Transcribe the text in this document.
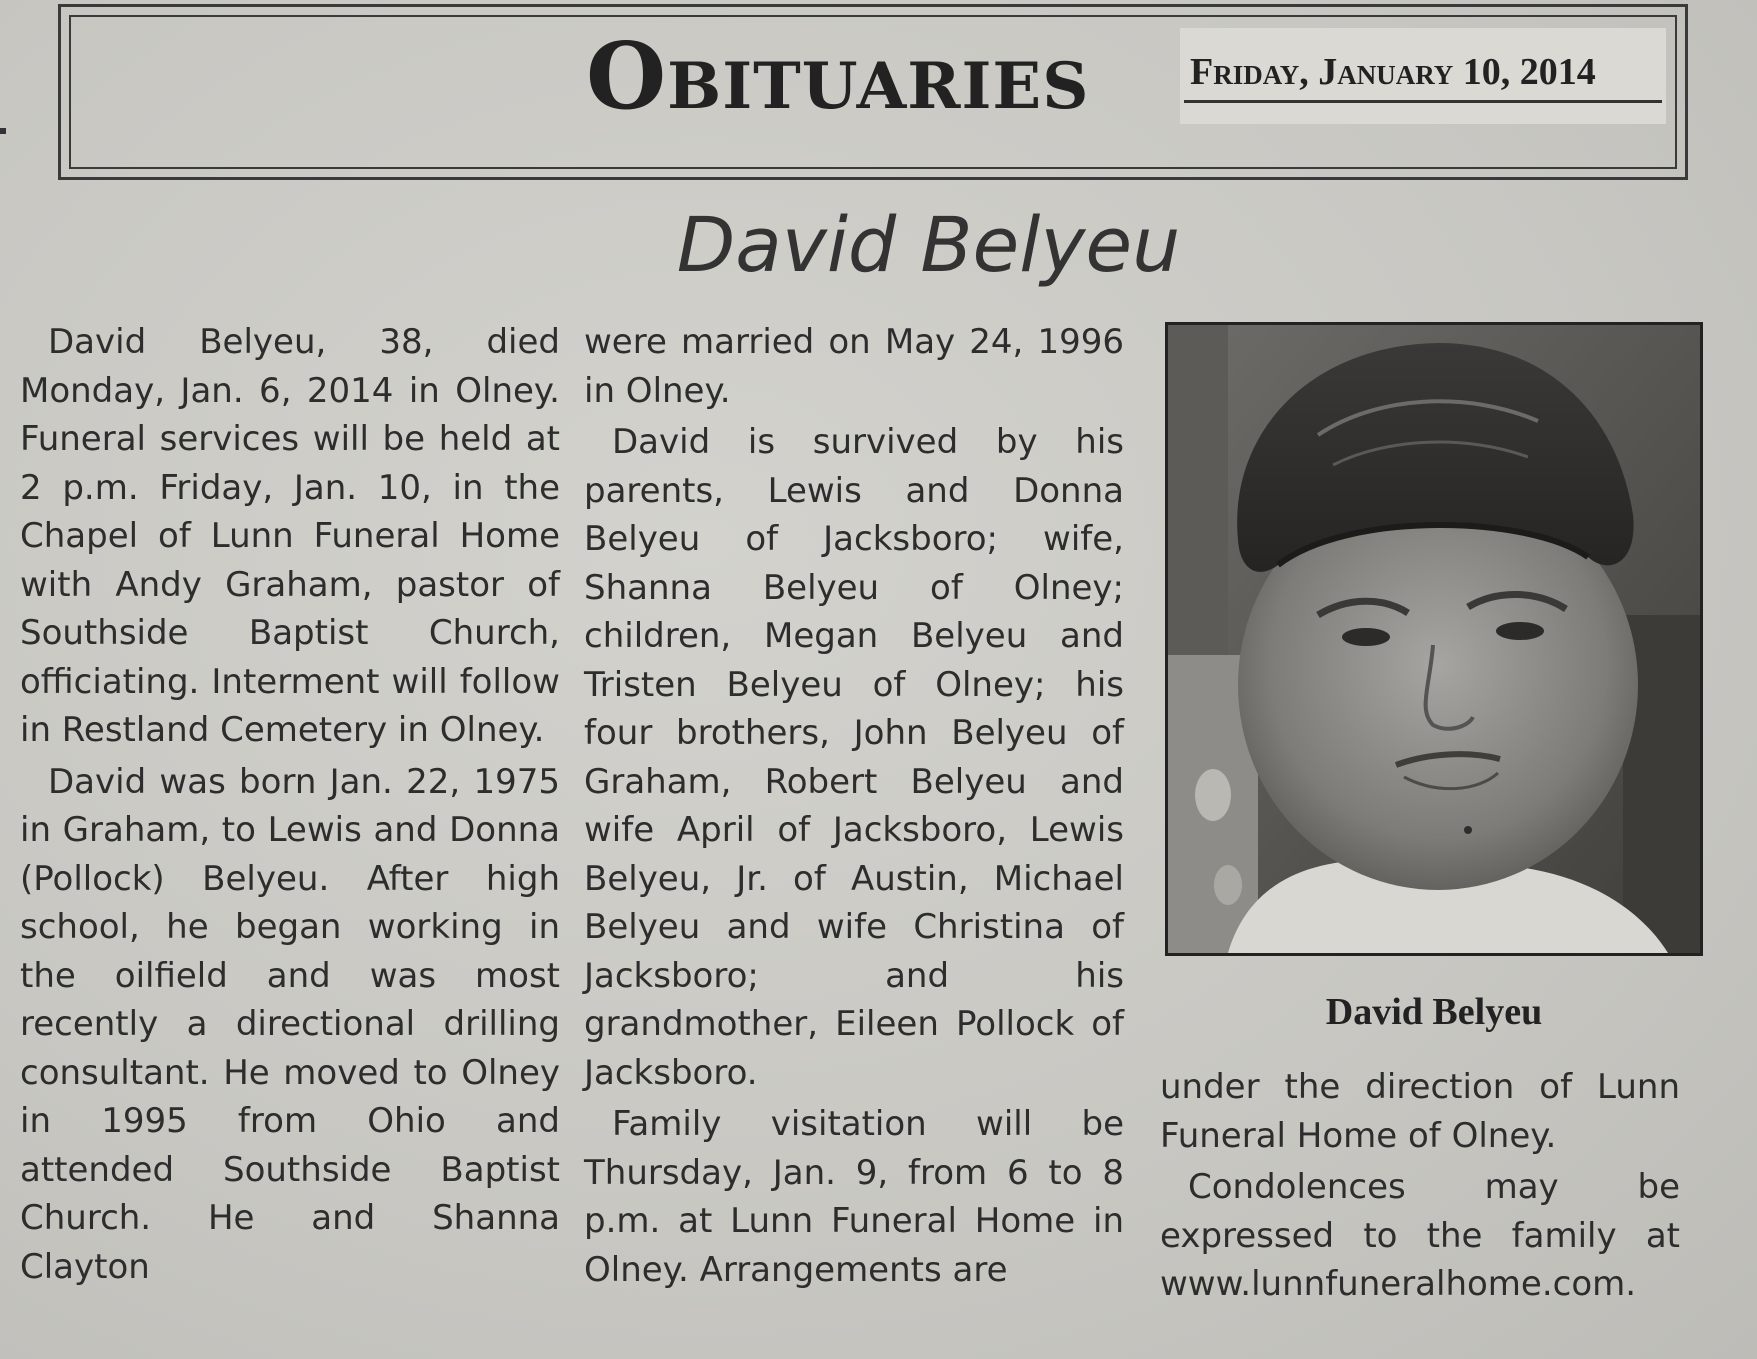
Obituaries	Friday, January 10, 2014
David Belyeu

David Belyeu, 38, died Monday, Jan. 6, 2014 in Olney. Funeral services will be held at 2 p.m. Friday, Jan. 10, in the Chapel of Lunn Funeral Home with Andy Graham, pastor of Southside Baptist Church, officiating. Interment will follow in Restland Cemetery in Olney.

David was born Jan. 22, 1975 in Graham, to Lewis and Donna (Pollock) Belyeu. After high school, he began working in the oilfield and was most recently a directional drilling consultant. He moved to Olney in 1995 from Ohio and attended Southside Baptist Church. He and Shanna Clayton

were married on May 24, 1996 in Olney.

David is survived by his parents, Lewis and Donna Belyeu of Jacksboro; wife, Shanna Belyeu of Olney; children, Megan Belyeu and Tristen Belyeu of Olney; his four brothers, John Belyeu of Graham, Robert Belyeu and wife April of Jacksboro, Lewis Belyeu, Jr. of Austin, Michael Belyeu and wife Christina of Jacksboro; and his grandmother, Eileen Pollock of Jacksboro.

Family visitation will be Thursday, Jan. 9, from 6 to 8 p.m. at Lunn Funeral Home in Olney. Arrangements are

David Belyeu

under the direction of Lunn Funeral Home of Olney.

Condolences may be expressed to the family at www.lunnfuneralhome.com.
